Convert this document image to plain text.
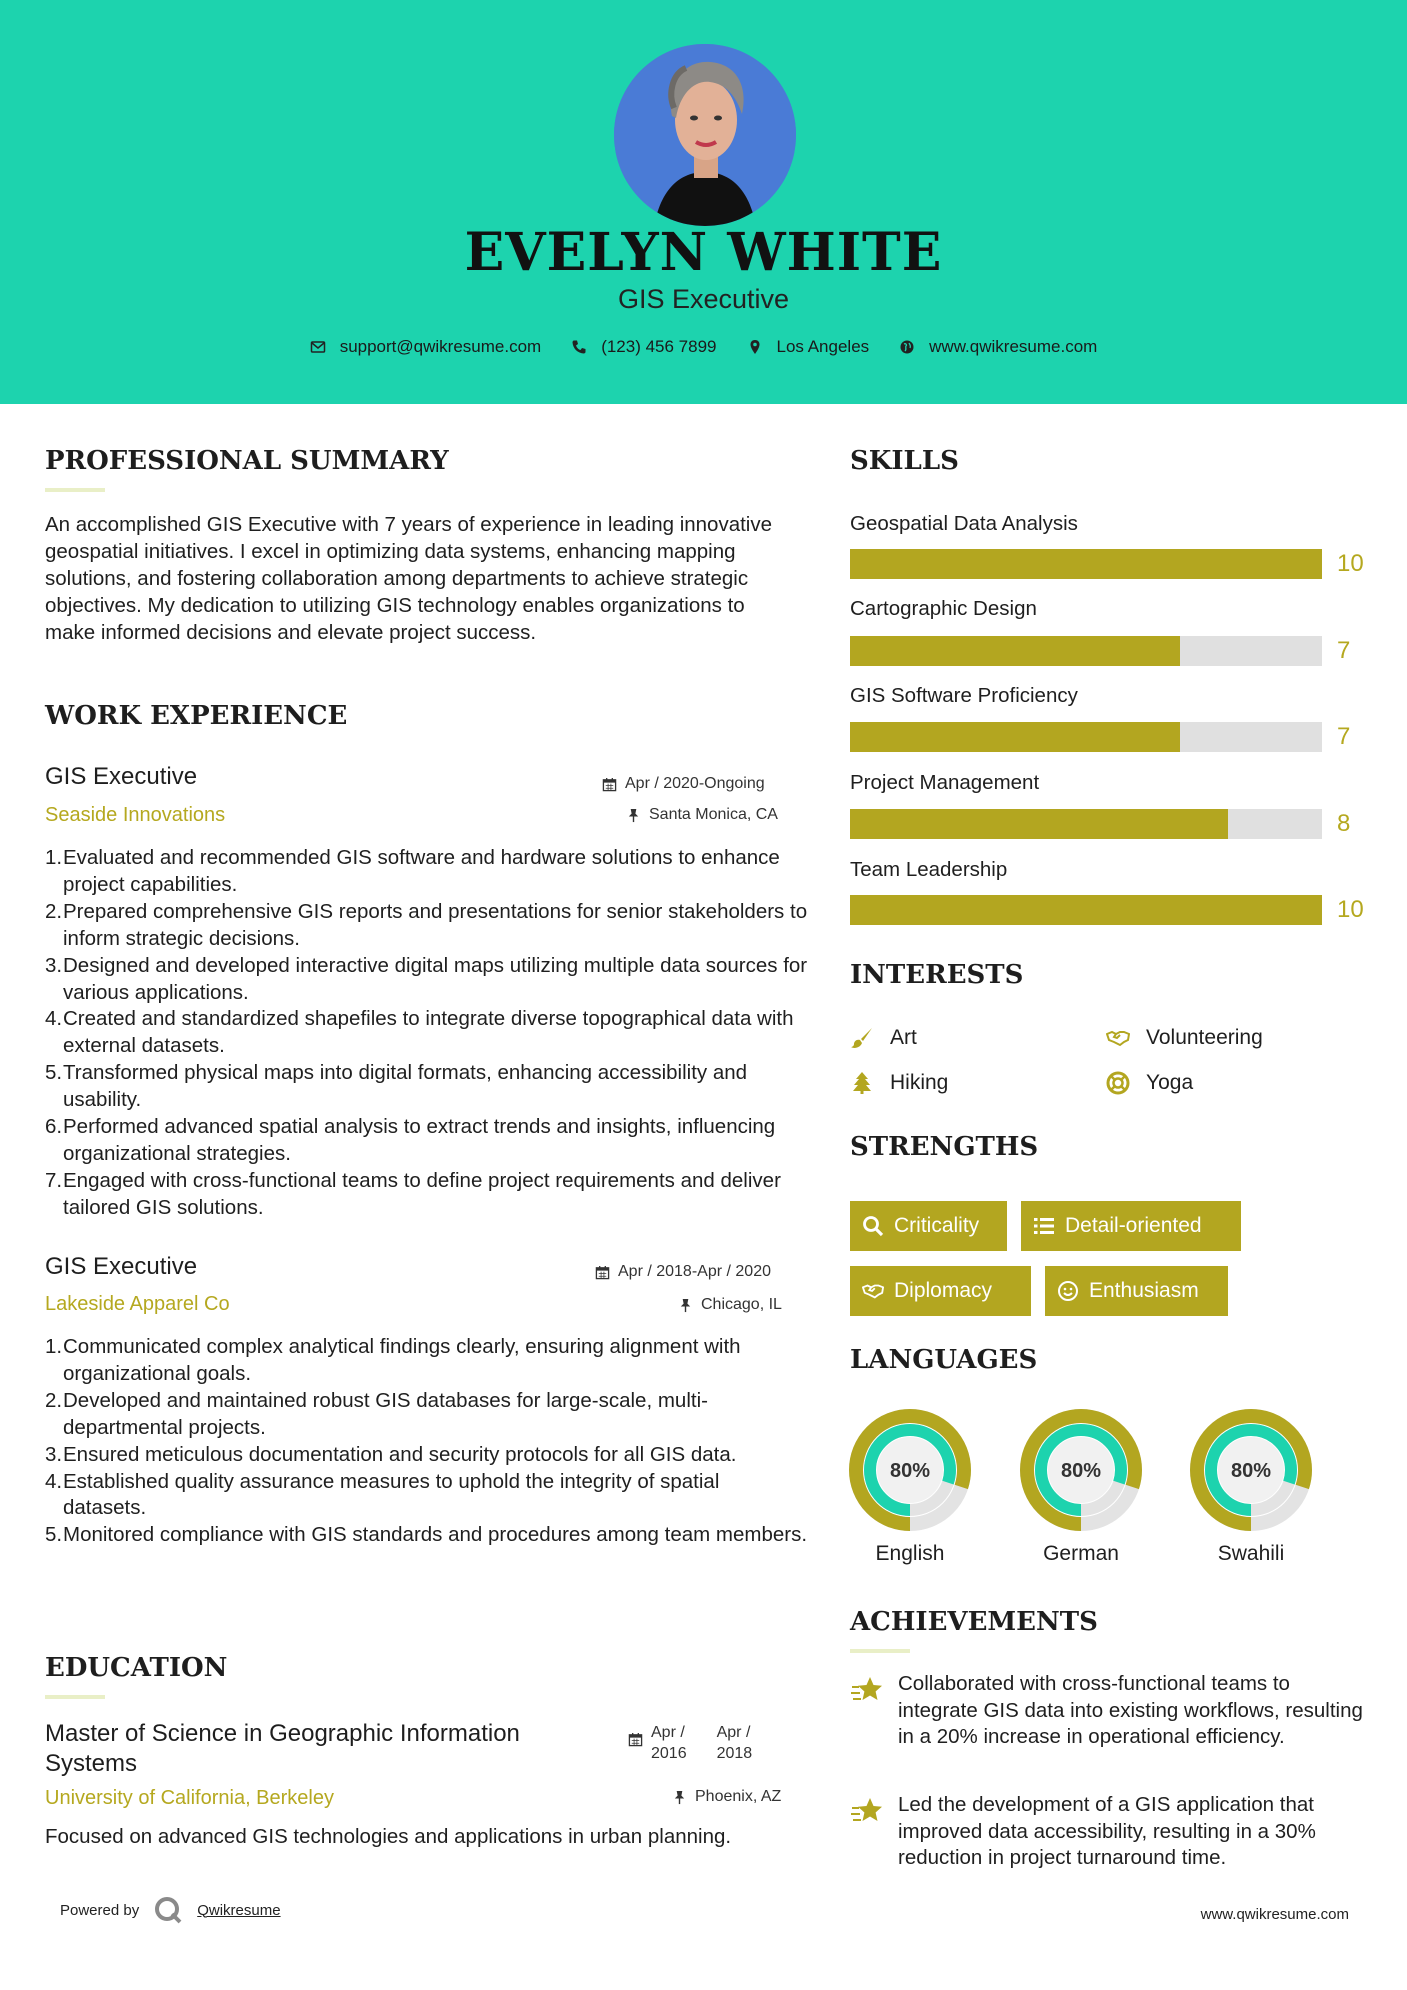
EVELYN WHITE
GIS Executive
support@qwikresume.com	(123) 456 7899	Los Angeles	www.qwikresume.com
PROFESSIONAL SUMMARY
An accomplished GIS Executive with 7 years of experience in leading innovative geospatial initiatives. I excel in optimizing data systems, enhancing mapping solutions, and fostering collaboration among departments to achieve strategic objectives. My dedication to utilizing GIS technology enables organizations to make informed decisions and elevate project success.
WORK EXPERIENCE
GIS Executive
Seaside Innovations
Apr / 2020-Ongoing
Santa Monica, CA
Evaluated and recommended GIS software and hardware solutions to enhance project capabilities.
Prepared comprehensive GIS reports and presentations for senior stakeholders to inform strategic decisions.
Designed and developed interactive digital maps utilizing multiple data sources for various applications.
Created and standardized shapefiles to integrate diverse topographical data with external datasets.
Transformed physical maps into digital formats, enhancing accessibility and usability.
Performed advanced spatial analysis to extract trends and insights, influencing organizational strategies.
Engaged with cross-functional teams to define project requirements and deliver tailored GIS solutions.
GIS Executive
Lakeside Apparel Co
Apr / 2018-Apr / 2020
Chicago, IL
Communicated complex analytical findings clearly, ensuring alignment with organizational goals.
Developed and maintained robust GIS databases for large-scale, multi-departmental projects.
Ensured meticulous documentation and security protocols for all GIS data.
Established quality assurance measures to uphold the integrity of spatial datasets.
Monitored compliance with GIS standards and procedures among team members.
EDUCATION
Master of Science in Geographic Information Systems
University of California, Berkeley
Apr /
2016
Apr /
2018
Phoenix, AZ
Focused on advanced GIS technologies and applications in urban planning.
SKILLS
Geospatial Data Analysis
10
Cartographic Design
7
GIS Software Proficiency
7
Project Management
8
Team Leadership
10
INTERESTS
Art	Volunteering
Hiking	Yoga
STRENGTHS
Criticality	Detail-oriented
Diplomacy	Enthusiasm
LANGUAGES
80%
English
80%
German
80%
Swahili
ACHIEVEMENTS

Collaborated with cross-functional teams to integrate GIS data into existing workflows, resulting in a 20% increase in operational efficiency.

Led the development of a GIS application that improved data accessibility, resulting in a 30% reduction in project turnaround time.

Powered by	Qwikresume	www.qwikresume.com
